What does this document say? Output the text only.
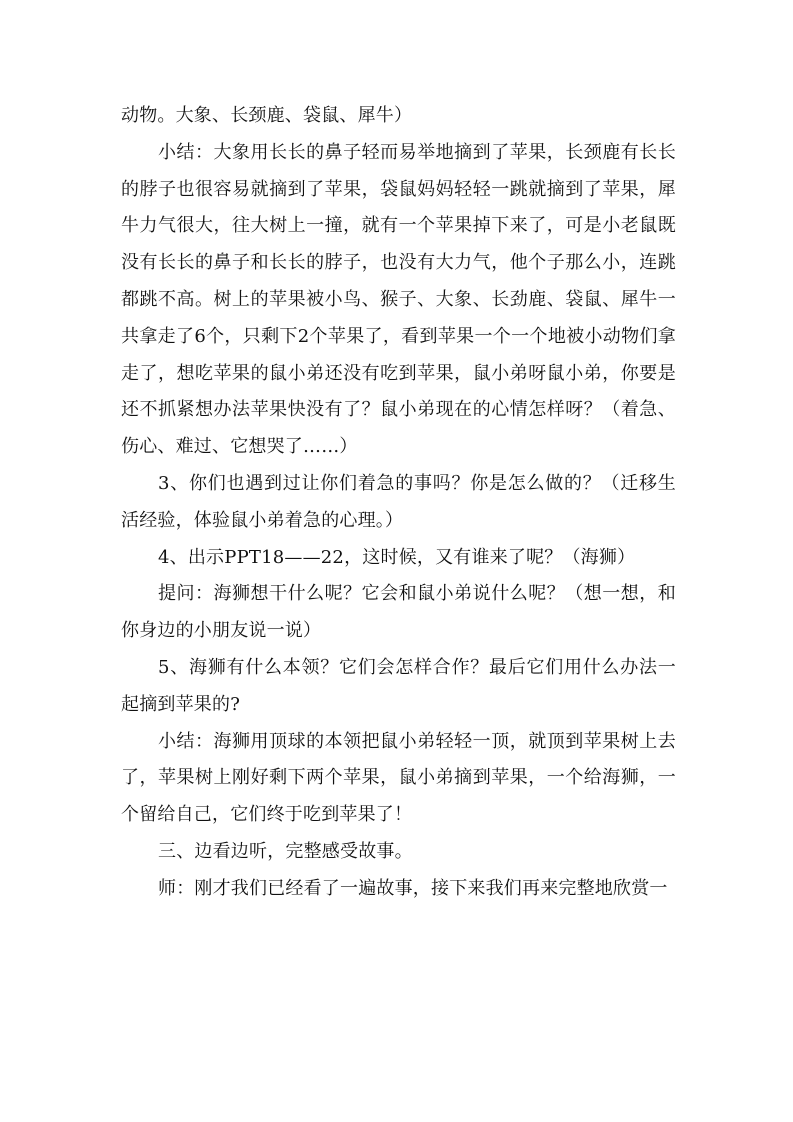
动物。大象、长颈鹿、袋鼠、犀牛）

小结：大象用长长的鼻子轻而易举地摘到了苹果，长颈鹿有长长的脖子也很容易就摘到了苹果，袋鼠妈妈轻轻一跳就摘到了苹果，犀牛力气很大，往大树上一撞，就有一个苹果掉下来了，可是小老鼠既没有长长的鼻子和长长的脖子，也没有大力气，他个子那么小，连跳都跳不高。树上的苹果被小鸟、猴子、大象、长劲鹿、袋鼠、犀牛一共拿走了6个，只剩下2个苹果了，看到苹果一个一个地被小动物们拿走了，想吃苹果的鼠小弟还没有吃到苹果，鼠小弟呀鼠小弟，你要是还不抓紧想办法苹果快没有了？鼠小弟现在的心情怎样呀？（着急、伤心、难过、它想哭了……）

3、你们也遇到过让你们着急的事吗？你是怎么做的？（迁移生活经验，体验鼠小弟着急的心理。）

4、出示PPT18——22，这时候，又有谁来了呢？（海狮）

提问：海狮想干什么呢？它会和鼠小弟说什么呢？（想一想，和你身边的小朋友说一说）

5、海狮有什么本领？它们会怎样合作？最后它们用什么办法一起摘到苹果的?

小结：海狮用顶球的本领把鼠小弟轻轻一顶，就顶到苹果树上去了，苹果树上刚好剩下两个苹果，鼠小弟摘到苹果，一个给海狮，一个留给自己，它们终于吃到苹果了！

三、边看边听，完整感受故事。

师：刚才我们已经看了一遍故事，接下来我们再来完整地欣赏一
